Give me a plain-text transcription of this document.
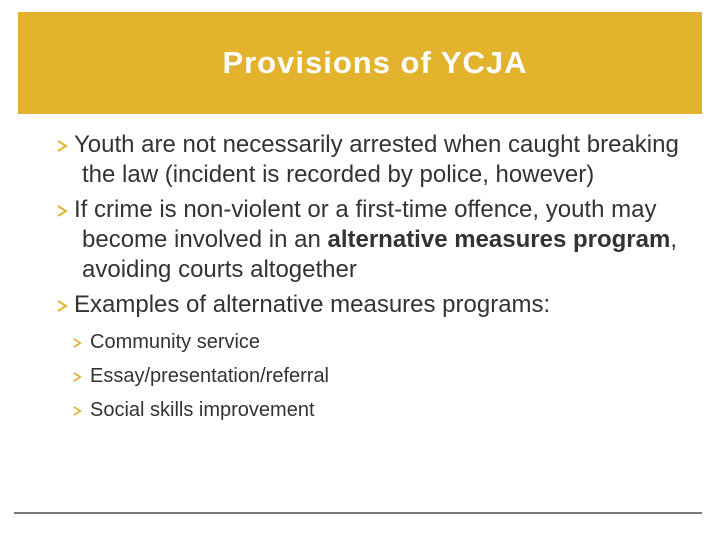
Provisions of YCJA

Youth are not necessarily arrested when caught breaking the law (incident is recorded by police, however)

If crime is non-violent or a first-time offence, youth may become involved in an alternative measures program, avoiding courts altogether

Examples of alternative measures programs:

Community service

Essay/presentation/referral

Social skills improvement
